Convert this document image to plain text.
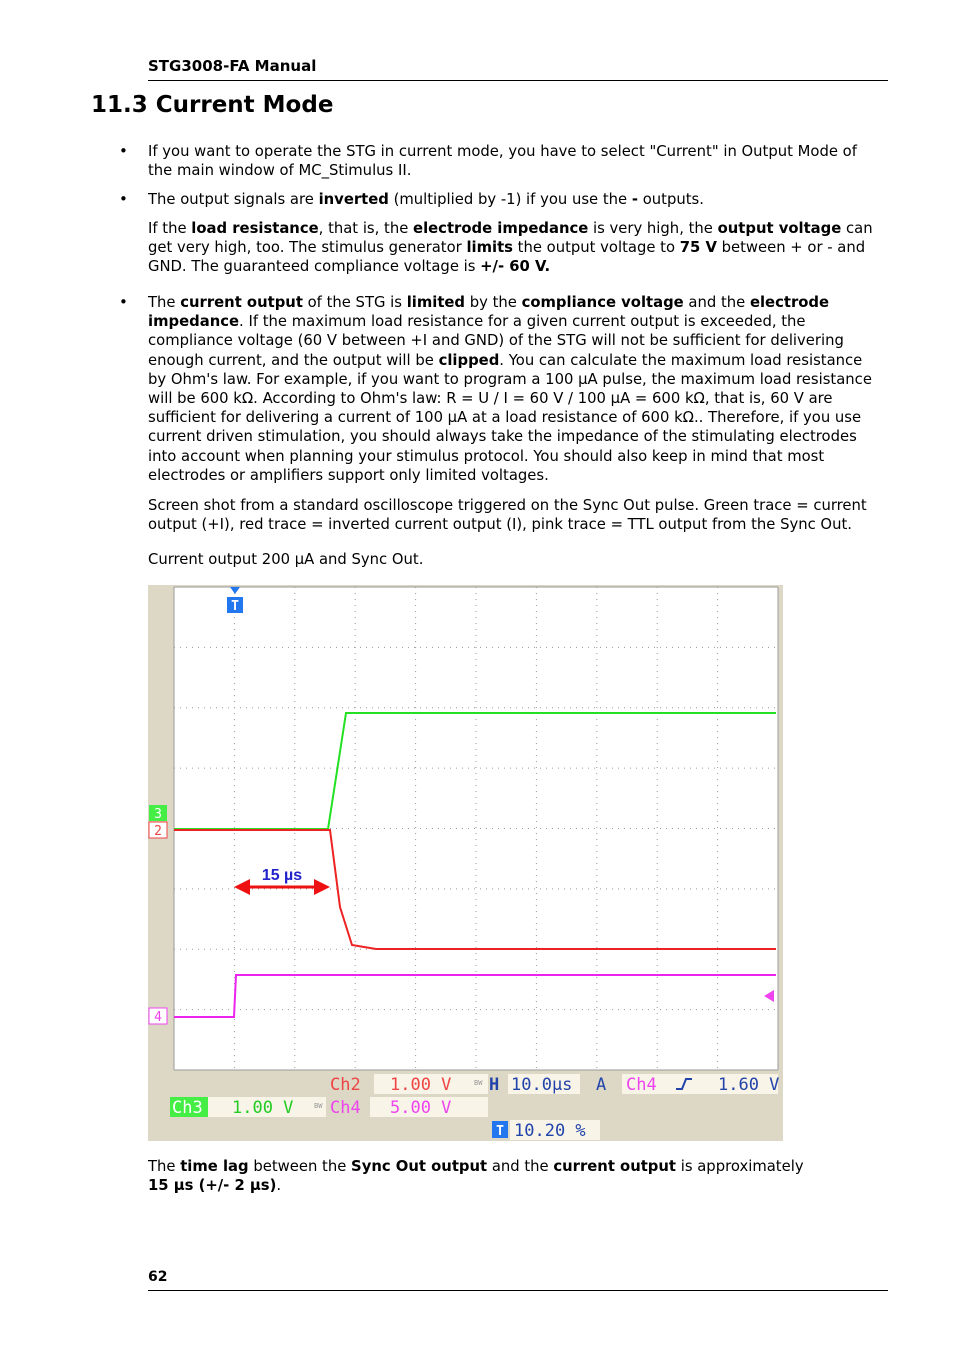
STG3008-FA Manual
11.3 Current Mode
• If you want to operate the STG in current mode, you have to select "Current" in Output Mode of the main window of MC_Stimulus II.

• The output signals are inverted (multiplied by -1) if you use the - outputs.

If the load resistance, that is, the electrode impedance is very high, the output voltage can get very high, too. The stimulus generator limits the output voltage to 75 V between + or - and GND. The guaranteed compliance voltage is +/- 60 V.

• The current output of the STG is limited by the compliance voltage and the electrode impedance. If the maximum load resistance for a given current output is exceeded, the compliance voltage (60 V between +I and GND) of the STG will not be sufficient for delivering enough current, and the output will be clipped. You can calculate the maximum load resistance by Ohm's law. For example, if you want to program a 100 µA pulse, the maximum load resistance will be 600 kΩ. According to Ohm's law: R = U / I = 60 V / 100 µA = 600 kΩ, that is, 60 V are sufficient for delivering a current of 100 µA at a load resistance of 600 kΩ.. Therefore, if you use current driven stimulation, you should always take the impedance of the stimulating electrodes into account when planning your stimulus protocol. You should also keep in mind that most electrodes or amplifiers support only limited voltages.

Screen shot from a standard oscilloscope triggered on the Sync Out pulse. Green trace = current output (+I), red trace = inverted current output (I), pink trace = TTL output from the Sync Out.

Current output 200 µA and Sync Out.

T
3
2
4
15 µs
Ch2 1.00 V	BW H 10.0µs A Ch4	1.60 V
Ch3 1.00 V	BW Ch4 5.00 V
T 10.20 %

The time lag between the Sync Out output and the current output is approximately
15 µs (+/- 2 µs).

62
